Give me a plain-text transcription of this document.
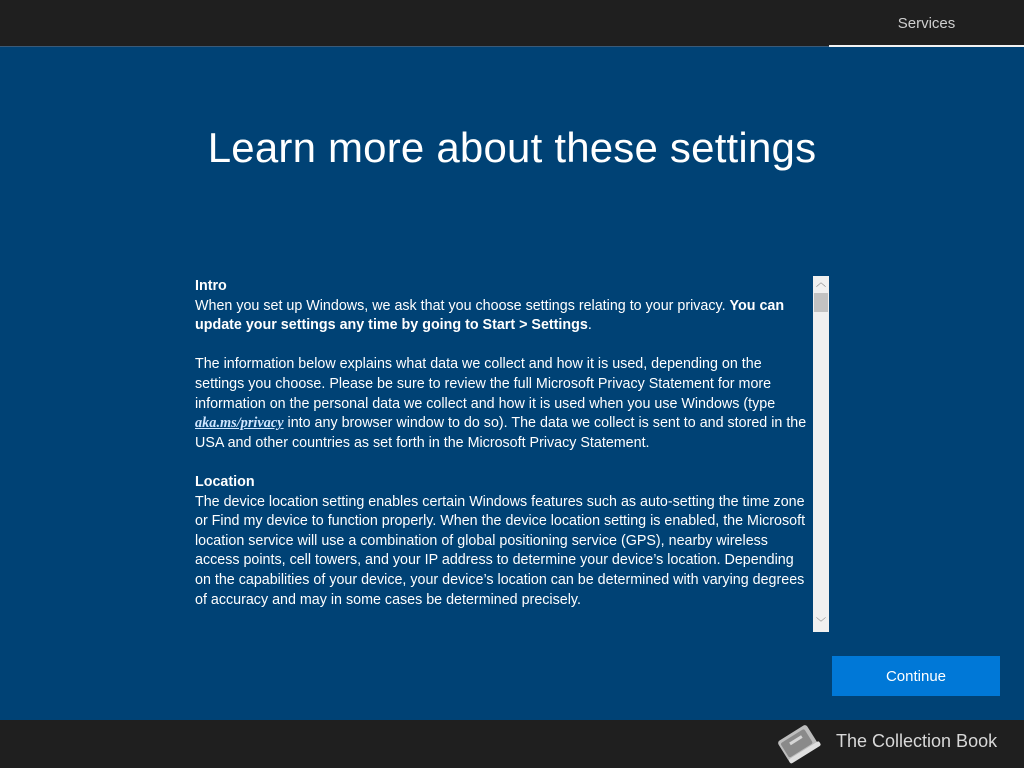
Services
Learn more about these settings
Intro

When you set up Windows, we ask that you choose settings relating to your privacy. You can update your settings any time by going to Start > Settings.

The information below explains what data we collect and how it is used, depending on the settings you choose. Please be sure to review the full Microsoft Privacy Statement for more information on the personal data we collect and how it is used when you use Windows (type aka.ms/privacy into any browser window to do so). The data we collect is sent to and stored in the USA and other countries as set forth in the Microsoft Privacy Statement.

Location

The device location setting enables certain Windows features such as auto-setting the time zone or Find my device to function properly. When the device location setting is enabled, the Microsoft location service will use a combination of global positioning service (GPS), nearby wireless access points, cell towers, and your IP address to determine your device’s location. Depending on the capabilities of your device, your device’s location can be determined with varying degrees of accuracy and may in some cases be determined precisely.

︿
﹀
Continue
The Collection Book
